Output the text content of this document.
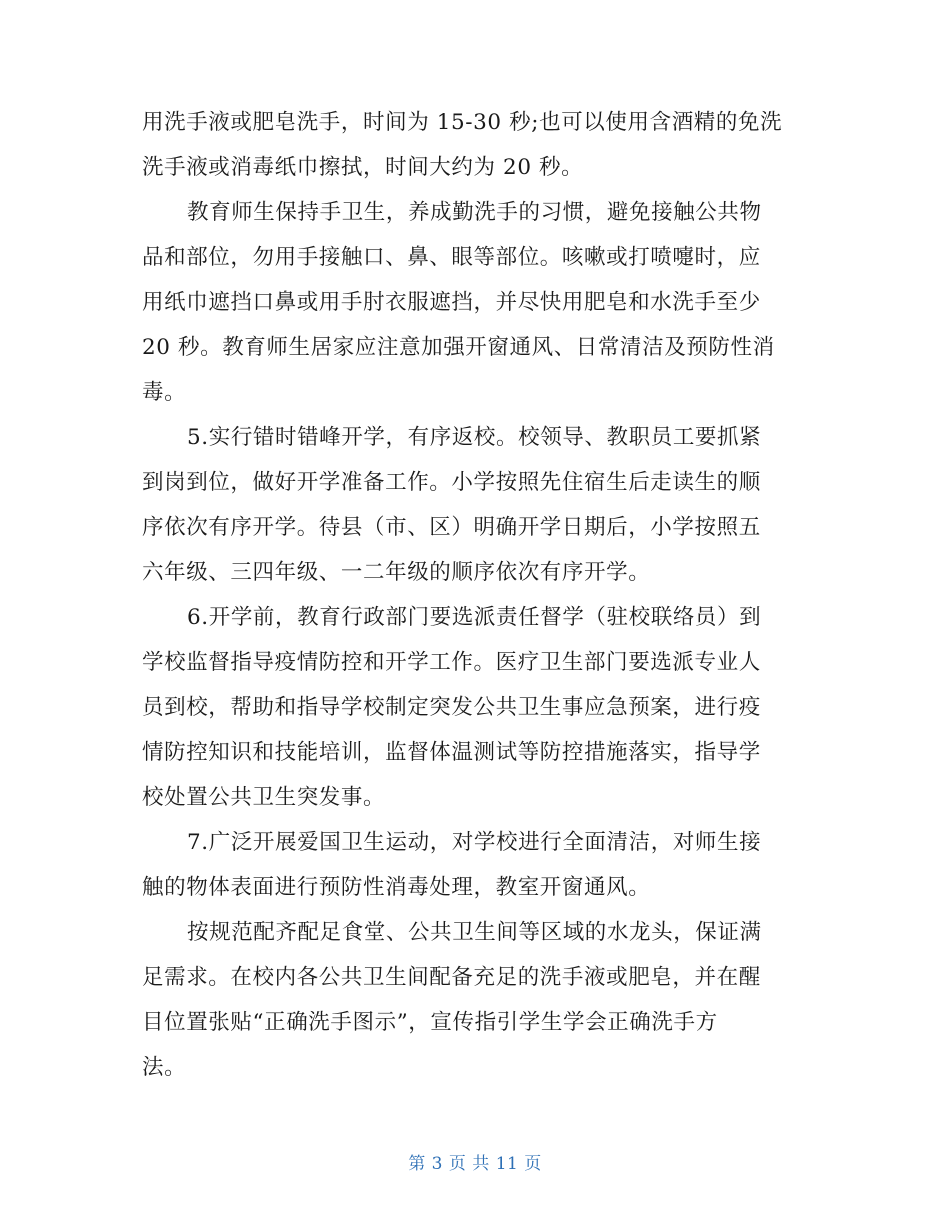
用洗手液或肥皂洗手，时间为 15-30 秒;也可以使用含酒精的免洗
洗手液或消毒纸巾擦拭，时间大约为 20 秒。
教育师生保持手卫生，养成勤洗手的习惯，避免接触公共物
品和部位，勿用手接触口、鼻、眼等部位。咳嗽或打喷嚏时，应
用纸巾遮挡口鼻或用手肘衣服遮挡，并尽快用肥皂和水洗手至少
20 秒。教育师生居家应注意加强开窗通风、日常清洁及预防性消
毒。
5.实行错时错峰开学，有序返校。校领导、教职员工要抓紧
到岗到位，做好开学准备工作。小学按照先住宿生后走读生的顺
序依次有序开学。待县（市、区）明确开学日期后，小学按照五
六年级、三四年级、一二年级的顺序依次有序开学。
6.开学前，教育行政部门要选派责任督学（驻校联络员）到
学校监督指导疫情防控和开学工作。医疗卫生部门要选派专业人
员到校，帮助和指导学校制定突发公共卫生事应急预案，进行疫
情防控知识和技能培训，监督体温测试等防控措施落实，指导学
校处置公共卫生突发事。
7.广泛开展爱国卫生运动，对学校进行全面清洁，对师生接
触的物体表面进行预防性消毒处理，教室开窗通风。
按规范配齐配足食堂、公共卫生间等区域的水龙头，保证满
足需求。在校内各公共卫生间配备充足的洗手液或肥皂，并在醒
目位置张贴“正确洗手图示”，宣传指引学生学会正确洗手方
法。
第 3 页 共 11 页
